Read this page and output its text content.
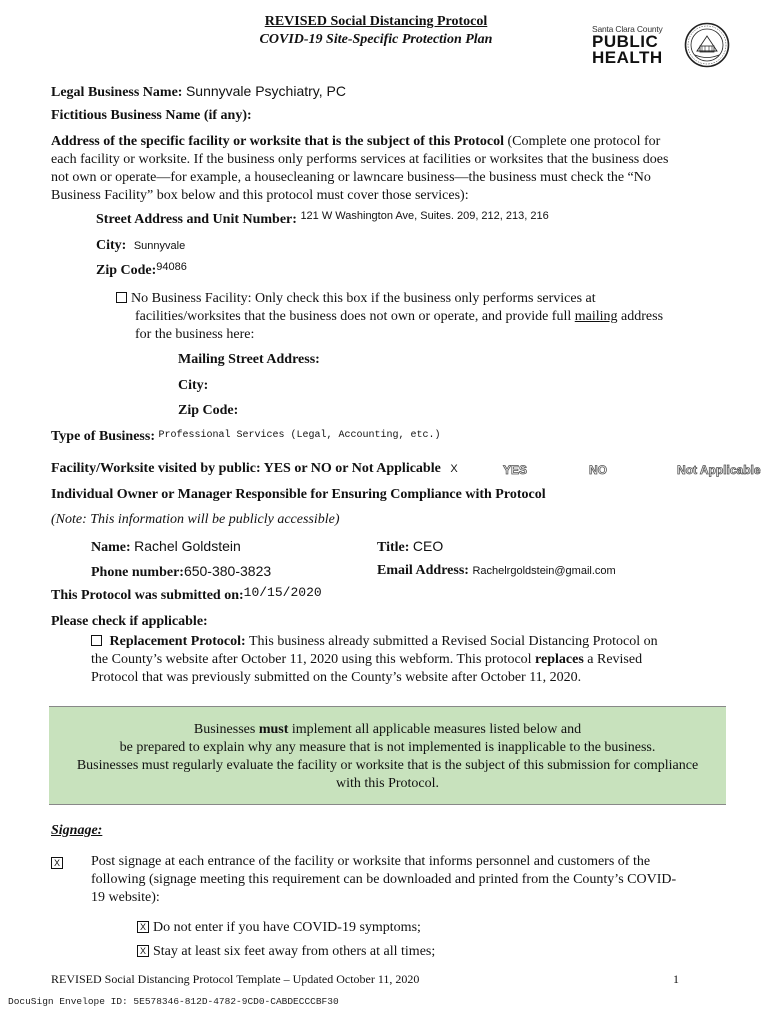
REVISED Social Distancing Protocol
COVID-19 Site-Specific Protection Plan
Santa Clara County
PUBLIC
HEALTH
Legal Business Name: Sunnyvale Psychiatry, PC
Fictitious Business Name (if any):
Address of the specific facility or worksite that is the subject of this Protocol (Complete one protocol for
each facility or worksite. If the business only performs services at facilities or worksites that the business does
not own or operate—for example, a housecleaning or lawncare business—the business must check the “No
Business Facility” box below and this protocol must cover those services):
Street Address and Unit Number: $^{121 W Washington Ave, Suites. 209, 212, 213, 216}$
City: Sunnyvale
Zip Code:$^{94086}$
No Business Facility: Only check this box if the business only performs services at
facilities/worksites that the business does not own or operate, and provide full mailing address
for the business here:
Mailing Street Address:
City:
Zip Code:
Type of Business: $^{Professional Services (Legal, Accounting, etc.)}$
Facility/Worksite visited by public: YES or NO or Not Applicable X	YES	NO	Not Applicable
Individual Owner or Manager Responsible for Ensuring Compliance with Protocol
(Note: This information will be publicly accessible)
Name: Rachel Goldstein	Title: CEO
Phone number:650-380-3823	Email Address: Rachelrgoldstein@gmail.com
This Protocol was submitted on:10/15/2020
Please check if applicable:
Replacement Protocol: This business already submitted a Revised Social Distancing Protocol on
the County’s website after October 11, 2020 using this webform. This protocol replaces a Revised
Protocol that was previously submitted on the County’s website after October 11, 2020.
Businesses must implement all applicable measures listed below and
be prepared to explain why any measure that is not implemented is inapplicable to the business.
Businesses must regularly evaluate the facility or worksite that is the subject of this submission for compliance
with this Protocol.
Signage:
X	Post signage at each entrance of the facility or worksite that informs personnel and customers of the
following (signage meeting this requirement can be downloaded and printed from the County’s COVID-
19 website):
X Do not enter if you have COVID-19 symptoms;
X Stay at least six feet away from others at all times;
REVISED Social Distancing Protocol Template – Updated October 11, 2020	1
DocuSign Envelope ID: 5E578346-812D-4782-9CD0-CABDECCCBF30
